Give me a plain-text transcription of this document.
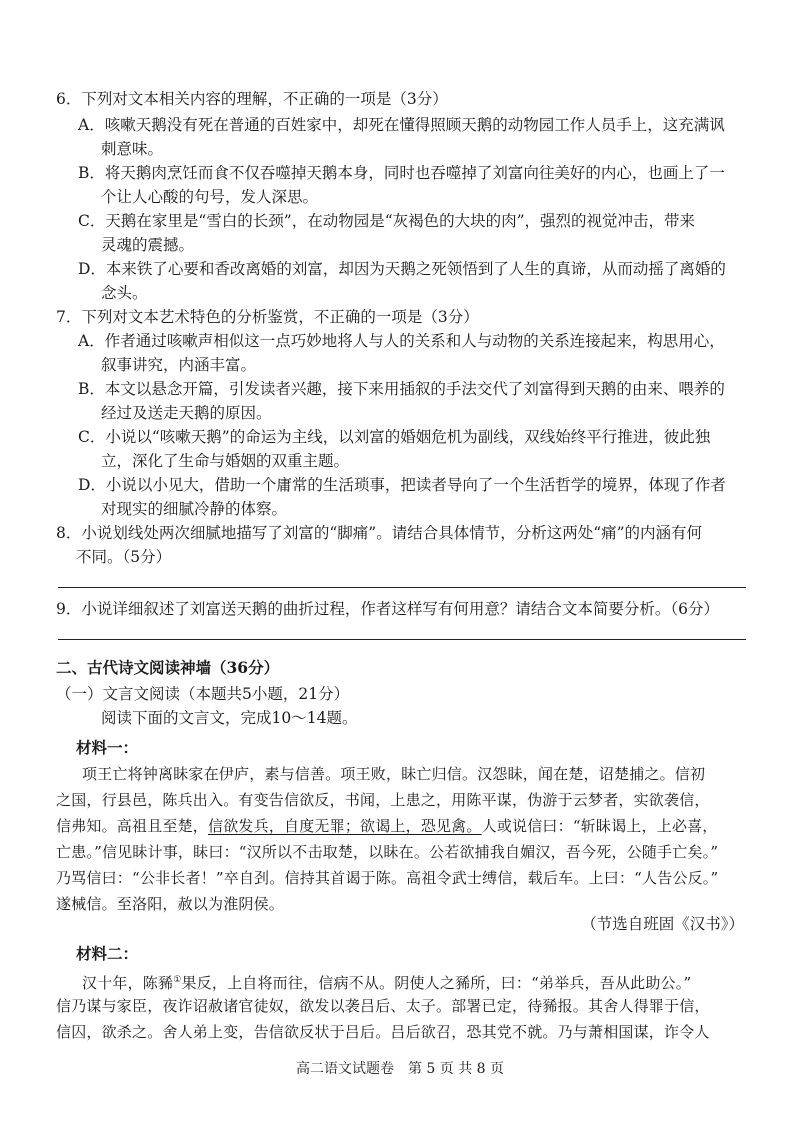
6．下列对文本相关内容的理解，不正确的一项是（3分）
A．咳嗽天鹅没有死在普通的百姓家中，却死在懂得照顾天鹅的动物园工作人员手上，这充满讽
刺意味。
B．将天鹅肉烹饪而食不仅吞噬掉天鹅本身，同时也吞噬掉了刘富向往美好的内心，也画上了一
个让人心酸的句号，发人深思。
C．天鹅在家里是“雪白的长颈”，在动物园是“灰褐色的大块的肉”，强烈的视觉冲击，带来
灵魂的震撼。
D．本来铁了心要和香改离婚的刘富，却因为天鹅之死领悟到了人生的真谛，从而动摇了离婚的
念头。
7．下列对文本艺术特色的分析鉴赏，不正确的一项是（3分）
A．作者通过咳嗽声相似这一点巧妙地将人与人的关系和人与动物的关系连接起来，构思用心，
叙事讲究，内涵丰富。
B．本文以悬念开篇，引发读者兴趣，接下来用插叙的手法交代了刘富得到天鹅的由来、喂养的
经过及送走天鹅的原因。
C．小说以“咳嗽天鹅”的命运为主线，以刘富的婚姻危机为副线，双线始终平行推进，彼此独
立，深化了生命与婚姻的双重主题。
D．小说以小见大，借助一个庸常的生活琐事，把读者导向了一个生活哲学的境界，体现了作者
对现实的细腻冷静的体察。
8．小说划线处两次细腻地描写了刘富的“脚痛”。请结合具体情节，分析这两处“痛”的内涵有何
不同。（5分）
9．小说详细叙述了刘富送天鹅的曲折过程，作者这样写有何用意？请结合文本简要分析。（6分）
二、古代诗文阅读神墙（36分）
（一）文言文阅读（本题共5小题，21分）
阅读下面的文言文，完成10～14题。
材料一：
项王亡将钟离眛家在伊庐，素与信善。项王败，眛亡归信。汉怨眛，闻在楚，诏楚捕之。信初
之国，行县邑，陈兵出入。有变告信欲反，书闻，上患之，用陈平谋，伪游于云梦者，实欲袭信，
信弗知。高祖且至楚，信欲发兵，自度无罪；欲谒上，恐见禽。人或说信曰：“斩眛谒上，上必喜，
亡患。”信见眛计事，眛曰：“汉所以不击取楚，以眛在。公若欲捕我自媚汉，吾今死，公随手亡矣。”
乃骂信曰：“公非长者！”卒自刭。信持其首谒于陈。高祖令武士缚信，载后车。上曰：“人告公反。”
遂械信。至洛阳，赦以为淮阴侯。
（节选自班固《汉书》）
材料二：
汉十年，陈豨①果反，上自将而往，信病不从。阴使人之豨所，曰：“弟举兵，吾从此助公。”
信乃谋与家臣，夜诈诏赦诸官徒奴，欲发以袭吕后、太子。部署已定，待豨报。其舍人得罪于信，
信囚，欲杀之。舍人弟上变，告信欲反状于吕后。吕后欲召，恐其党不就。乃与萧相国谋，诈令人
高二语文试题卷　第 5 页 共 8 页
